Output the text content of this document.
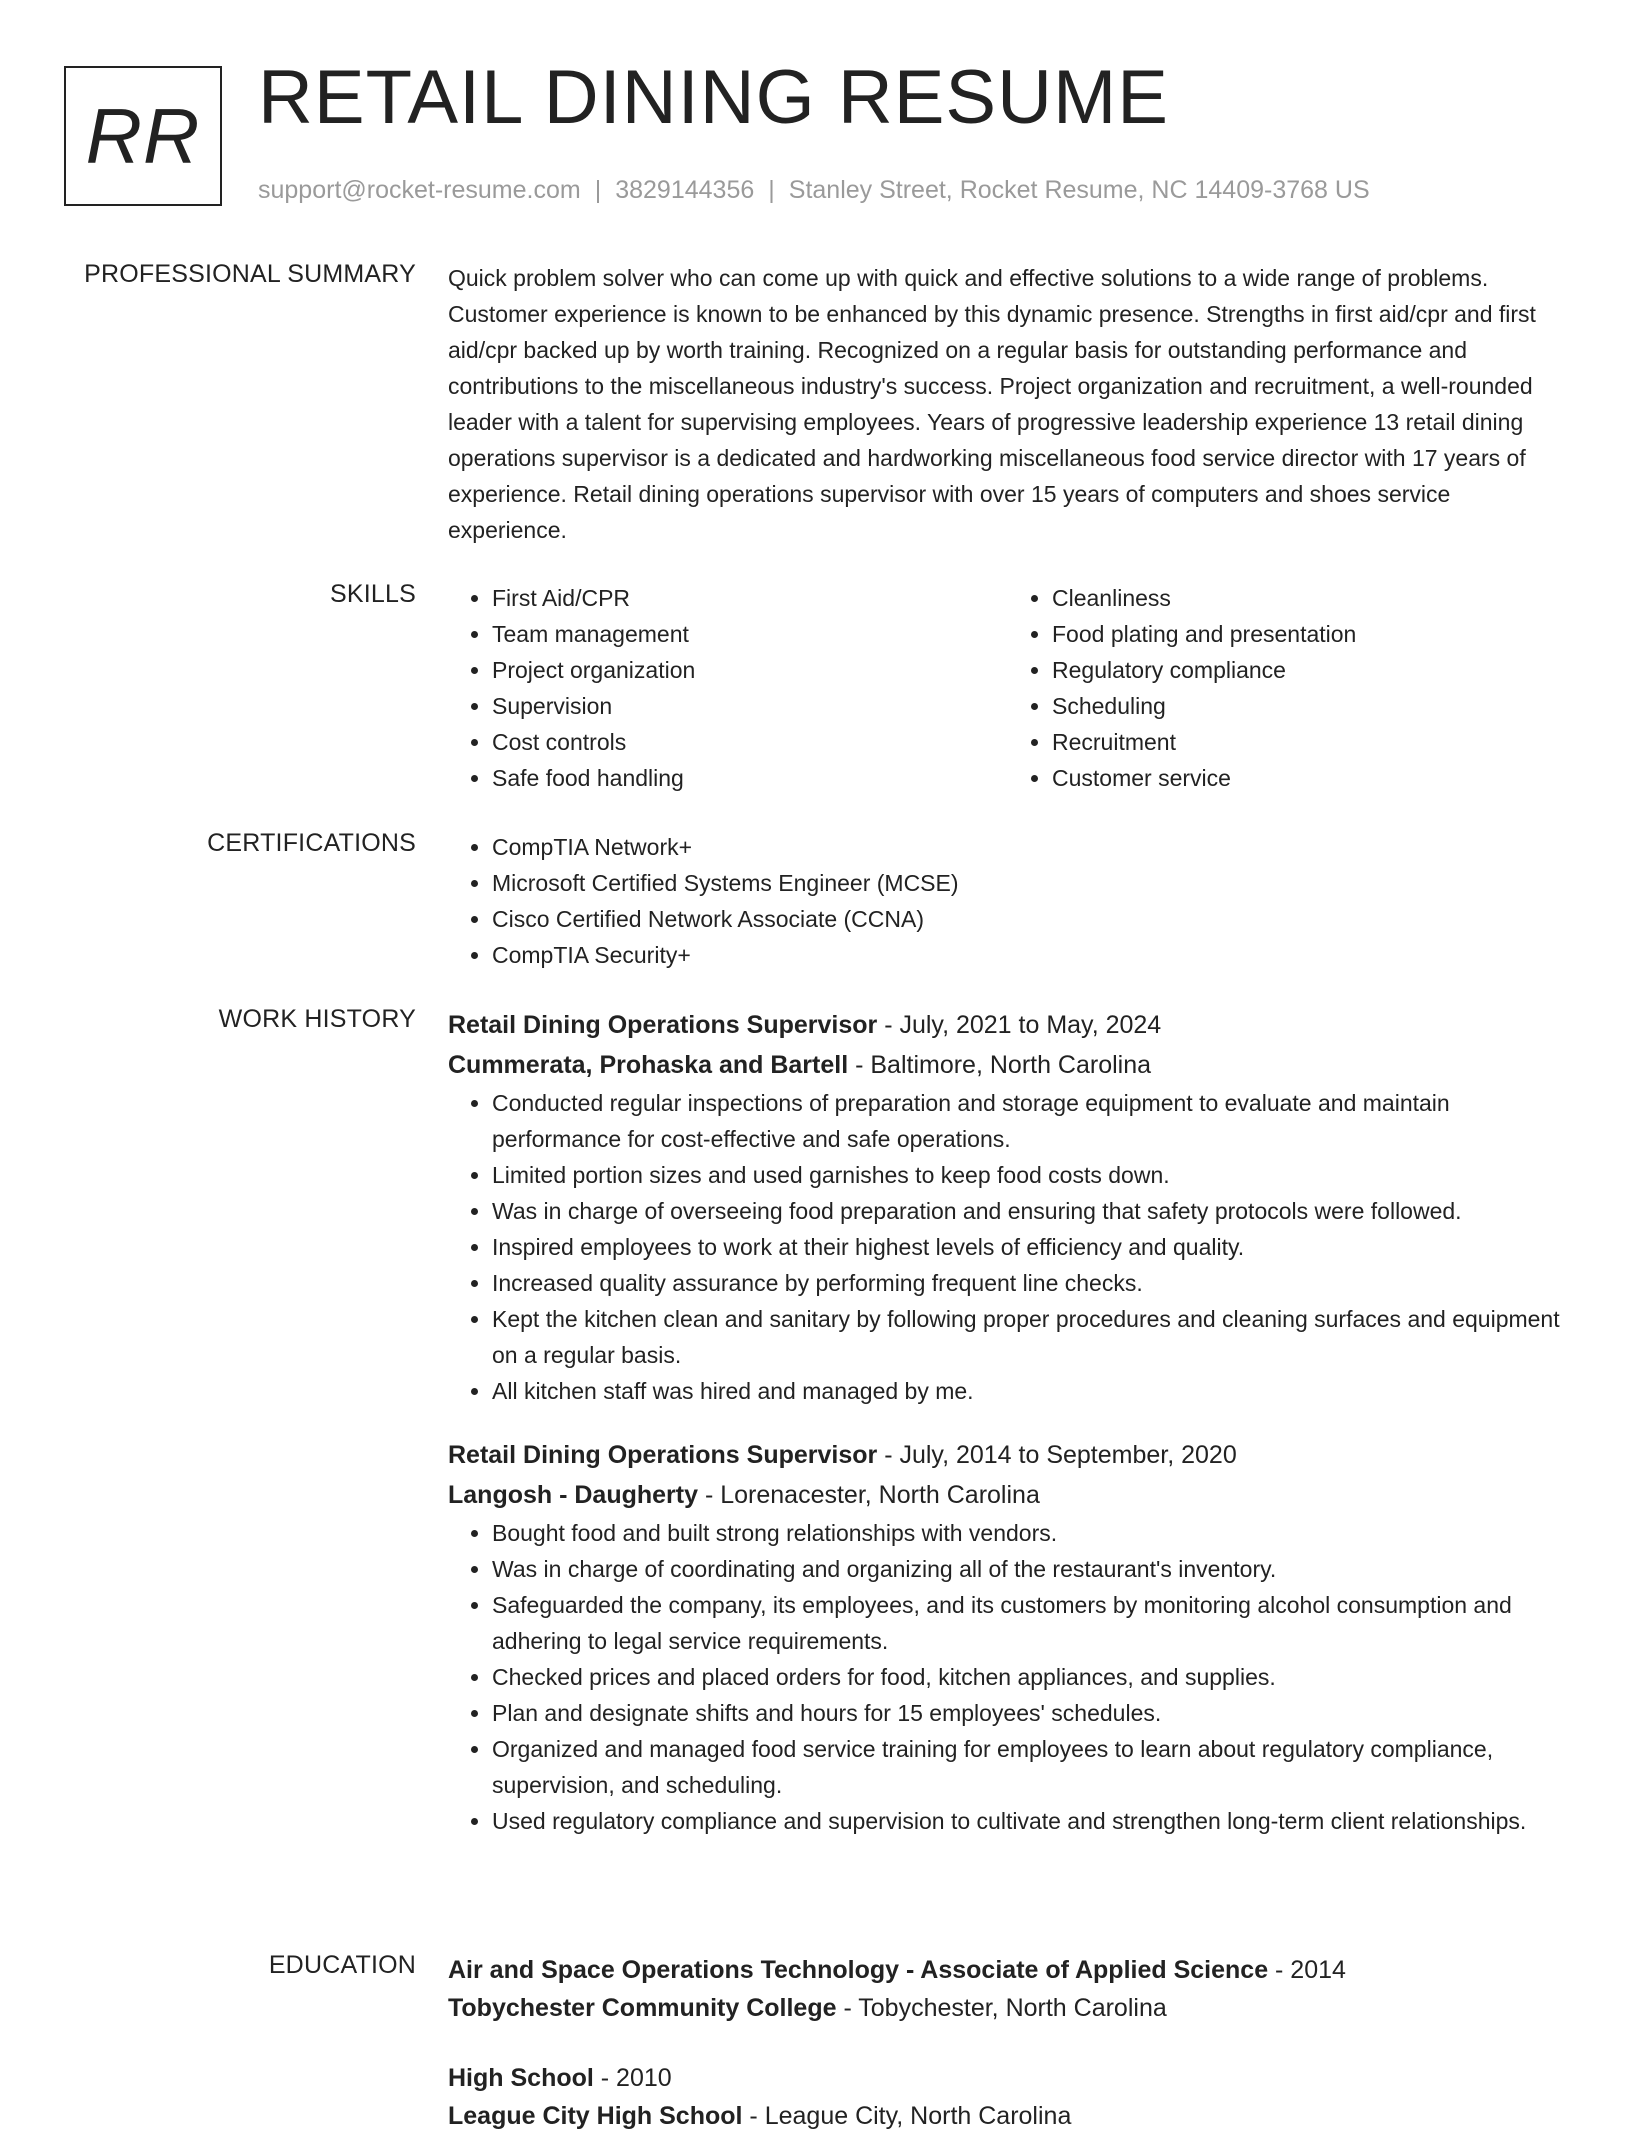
RR RETAIL DINING RESUME
support@rocket-resume.com | 3829144356 | Stanley Street, Rocket Resume, NC 14409-3768 US
PROFESSIONAL SUMMARY Quick problem solver who can come up with quick and effective solutions to a wide range of problems. Customer experience is known to be enhanced by this dynamic presence. Strengths in first aid/cpr and first aid/cpr backed up by worth training. Recognized on a regular basis for outstanding performance and contributions to the miscellaneous industry's success. Project organization and recruitment, a well-rounded leader with a talent for supervising employees. Years of progressive leadership experience 13 retail dining operations supervisor is a dedicated and hardworking miscellaneous food service director with 17 years of experience. Retail dining operations supervisor with over 15 years of computers and shoes service experience.

SKILLS	• First Aid/CPR
• Team management
• Project organization
• Supervision
• Cost controls
• Safe food handling
• Cleanliness
• Food plating and presentation
• Regulatory compliance
• Scheduling
• Recruitment
• Customer service
CERTIFICATIONS	• CompTIA Network+
• Microsoft Certified Systems Engineer (MCSE)
• Cisco Certified Network Associate (CCNA)
• CompTIA Security+
WORK HISTORY Retail Dining Operations Supervisor - July, 2021 to May, 2024
Cummerata, Prohaska and Bartell - Baltimore, North Carolina
• Conducted regular inspections of preparation and storage equipment to evaluate and maintain performance for cost-effective and safe operations.
• Limited portion sizes and used garnishes to keep food costs down.
• Was in charge of overseeing food preparation and ensuring that safety protocols were followed.
• Inspired employees to work at their highest levels of efficiency and quality.
• Increased quality assurance by performing frequent line checks.
• Kept the kitchen clean and sanitary by following proper procedures and cleaning surfaces and equipment on a regular basis.
• All kitchen staff was hired and managed by me.
Retail Dining Operations Supervisor - July, 2014 to September, 2020
Langosh - Daugherty - Lorenacester, North Carolina
• Bought food and built strong relationships with vendors.
• Was in charge of coordinating and organizing all of the restaurant's inventory.
• Safeguarded the company, its employees, and its customers by monitoring alcohol consumption and adhering to legal service requirements.
• Checked prices and placed orders for food, kitchen appliances, and supplies.
• Plan and designate shifts and hours for 15 employees' schedules.
• Organized and managed food service training for employees to learn about regulatory compliance, supervision, and scheduling.
• Used regulatory compliance and supervision to cultivate and strengthen long-term client relationships.
EDUCATION Air and Space Operations Technology - Associate of Applied Science - 2014
Tobychester Community College - Tobychester, North Carolina
High School - 2010
League City High School - League City, North Carolina
